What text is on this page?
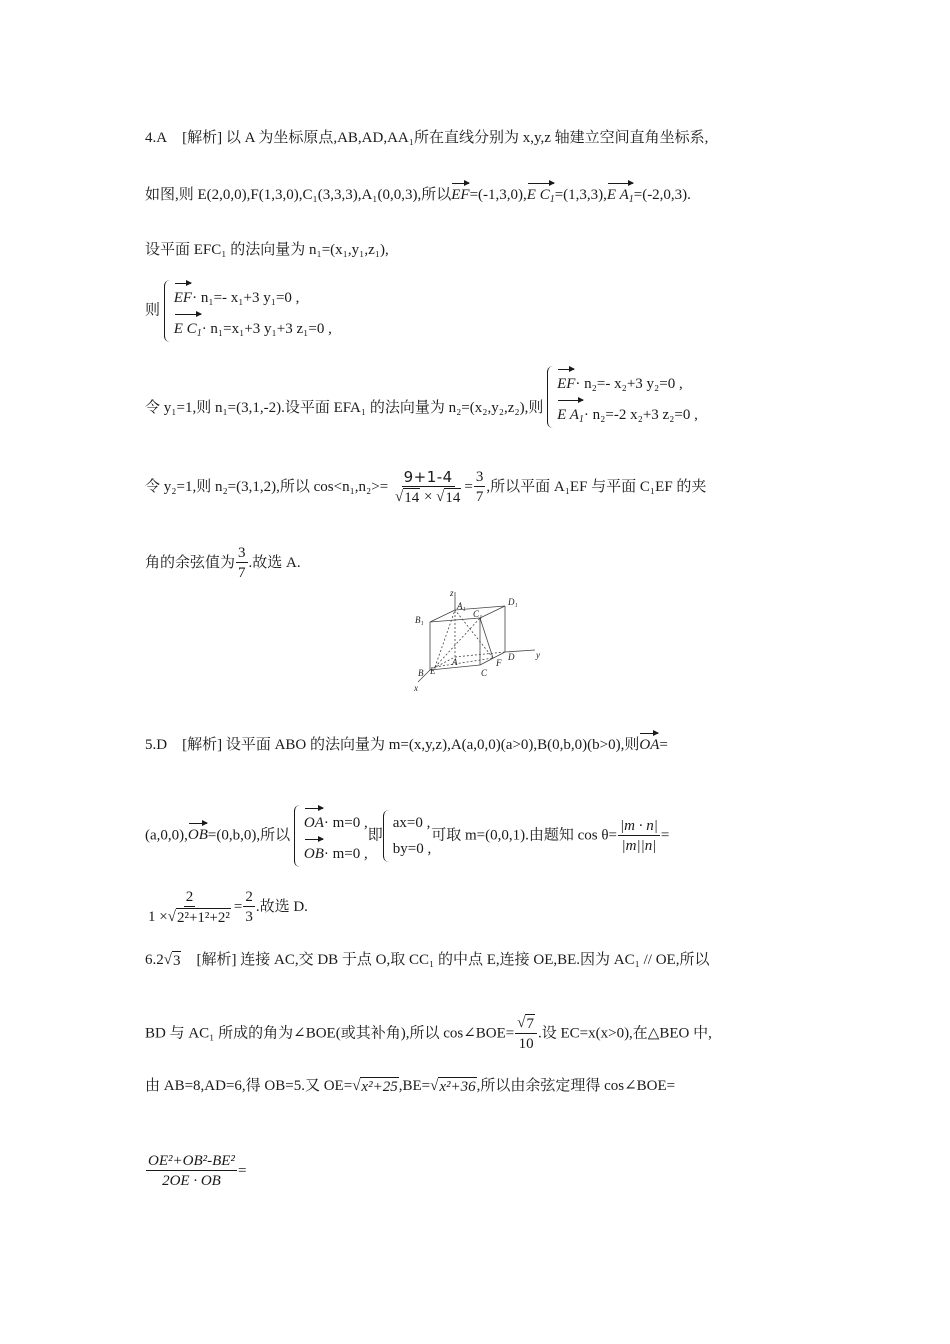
4.A [解析] 以 A 为坐标原点,AB,AD,AA₁所在直线分别为 x,y,z 轴建立空间直角坐标系,
如图,则 E(2,0,0),F(1,3,0),C₁(3,3,3),A₁(0,0,3),所以EF=(-1,3,0),E $C_1=(1,3,3),E$ $A_1=(-2,0,3)$.
设平面 EFC₁ 的法向量为 n₁=(x₁,y₁,z₁),
则
EF· n₁=- x₁+3 y₁=0 ,
E $C_1\cdot n_1=x_1+3$ y₁+3 z₁=0 ,
令 y₁=1,则 n₁=(3,1,-2).设平面 EFA₁ 的法向量为 n₂=(x₂,y₂,z₂),则
EF· n₂=- x₂+3 y₂=0 ,
E $A_1\cdot n_2=-2$ x₂+3 z₂=0 ,
令 y₂=1,则 n₂=(3,1,2),所以 $\cos<n_1,n_2>= \frac{9+1-4}{√ 14 \times √ 14} = \frac{3}{7}$ ,所以平面 A₁EF 与平面 C₁EF 的夹
角的余弦值为 $\frac{3}{7}$ .故选 A.
z
A₁	D₁
B₁
C₁
A	D
B E	C
F
y
x
5.D [解析] 设平面 ABO 的法向量为 m=(x,y,z),A(a,0,0)(a>0),B(0,b,0)(b>0),则OA=
(a,0,0),OB=(0,b,0),所以
OA· m=0 ,
OB· m=0 ,
即
ax=0 ,
by=0 ,
可取 m=(0,0,1).由题知 $\cos \theta= \frac{|m \cdot n|}{|m||n|}$ =
$\frac{2}{\text{1 × √ 2²+1²+2²}} = \frac{2}{3}$ .故选 D.
6.2 √ 3 [解析] 连接 AC,交 DB 于点 O,取 CC₁ 的中点 E,连接 OE,BE.因为 AC₁ // OE,所以
BD 与 AC₁ 所成的角为∠BOE(或其补角),所以 cos∠BOE= $\frac{√ 7}{10}$ .设 EC=x(x>0),在△BEO 中,
由 AB=8,AD=6,得 OB=5.又 OE= √ x²+25 ,BE= √ x²+36 ,所以由余弦定理得 cos∠BOE=
$\frac{\text{OE²+OB²-BE²}}{2OE \cdot OB}$ =
